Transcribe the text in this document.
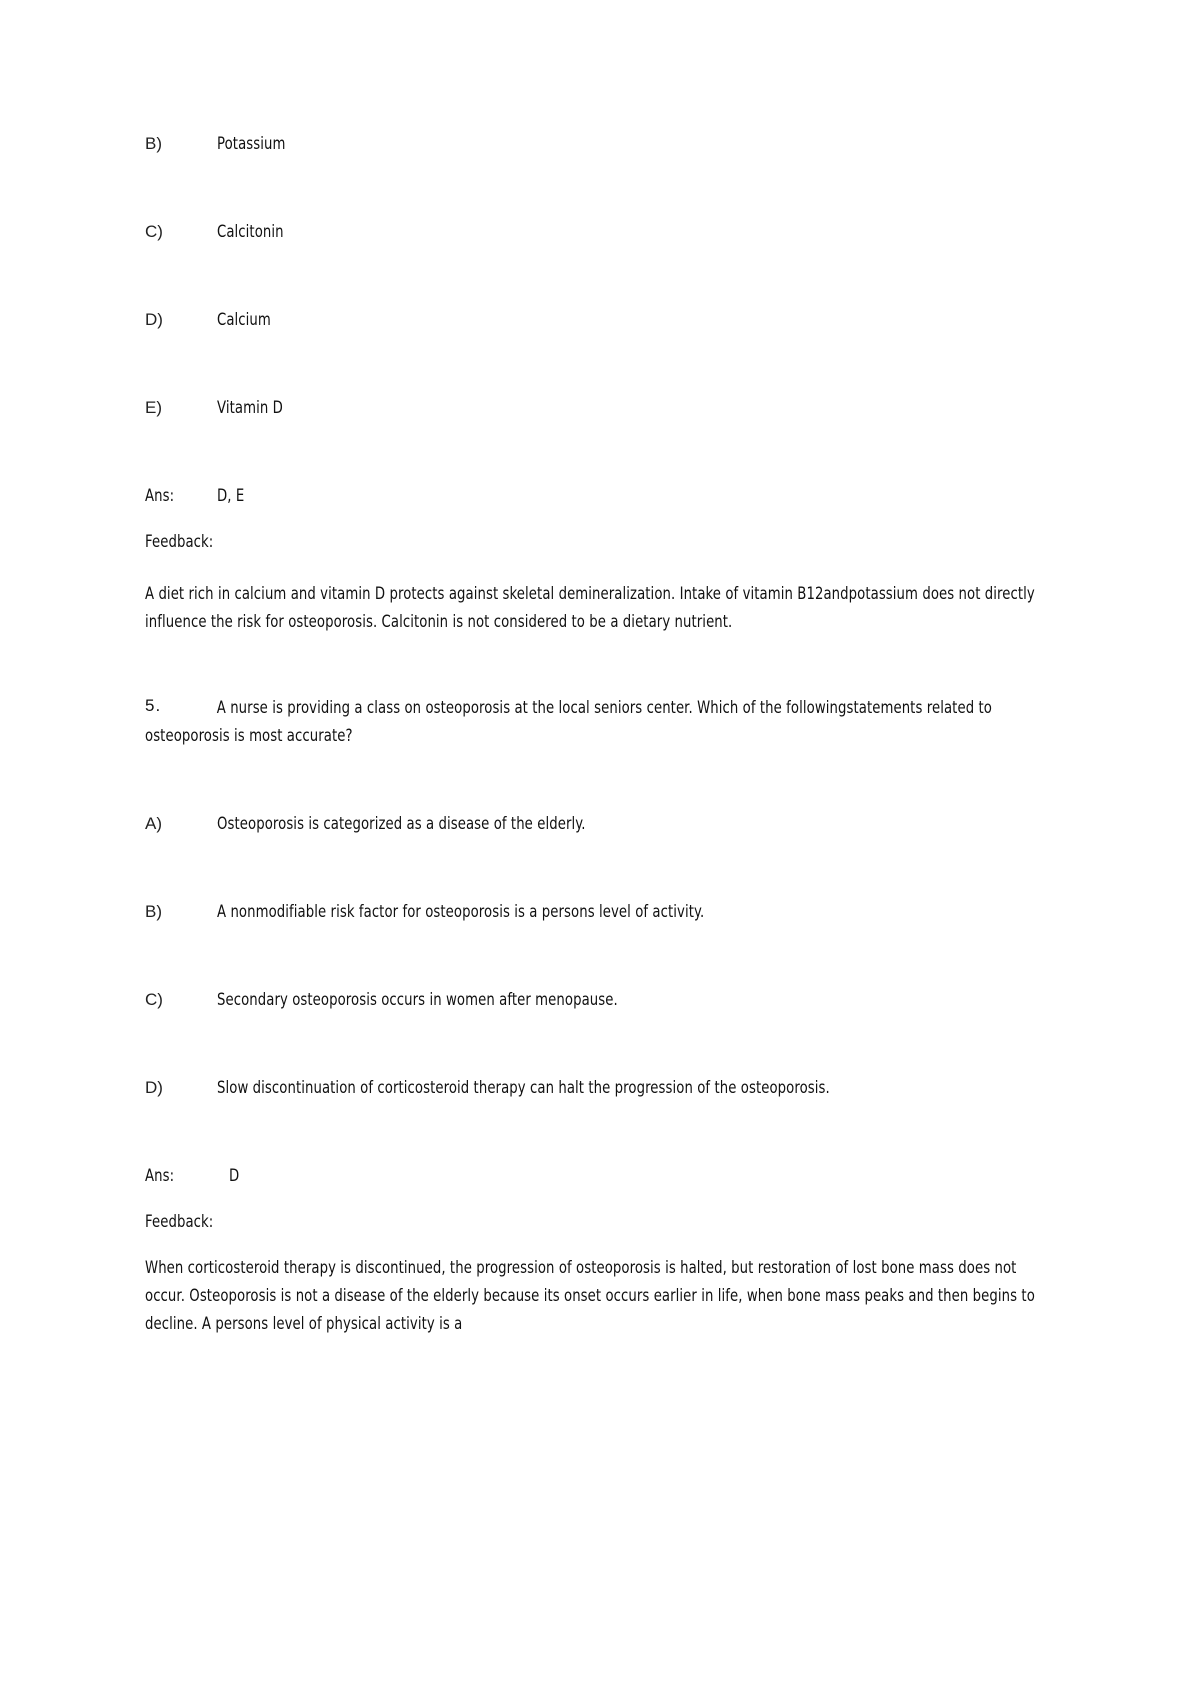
B)	Potassium
C)	Calcitonin
D)	Calcium
E)	Vitamin D
Ans:	D, E
Feedback:
A diet rich in calcium and vitamin D protects against skeletal demineralization. Intake of vitamin B12andpotassium does not directly
influence the risk for osteoporosis. Calcitonin is not considered to be a dietary nutrient.
5.	A nurse is providing a class on osteoporosis at the local seniors center. Which of the followingstatements related to
osteoporosis is most accurate?
A)	Osteoporosis is categorized as a disease of the elderly.
B)	A nonmodifiable risk factor for osteoporosis is a persons level of activity.
C)	Secondary osteoporosis occurs in women after menopause.
D)	Slow discontinuation of corticosteroid therapy can halt the progression of the osteoporosis.
Ans:	D
Feedback:
When corticosteroid therapy is discontinued, the progression of osteoporosis is halted, but restoration of lost bone mass does not
occur. Osteoporosis is not a disease of the elderly because its onset occurs earlier in life, when bone mass peaks and then begins to
decline. A persons level of physical activity is a
